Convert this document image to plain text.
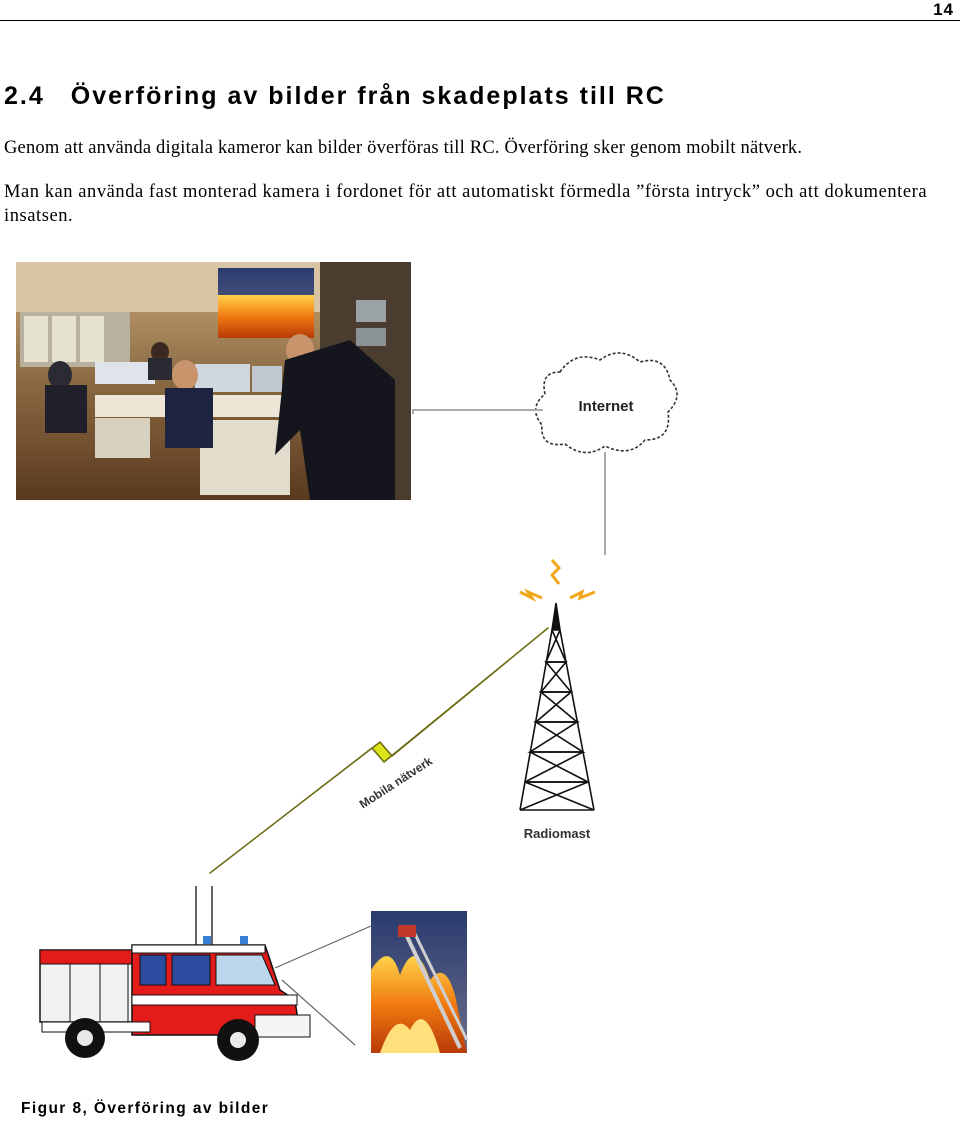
14
2.4 Överföring av bilder från skadeplats till RC

Genom att använda digitala kameror kan bilder överföras till RC. Överföring sker genom mobilt nätverk.

Man kan använda fast monterad kamera i fordonet för att automatiskt förmedla ”första intryck” och att dokumentera insatsen.

Internet
Radiomast
Mobila nätverk

Figur 8, Överföring av bilder
